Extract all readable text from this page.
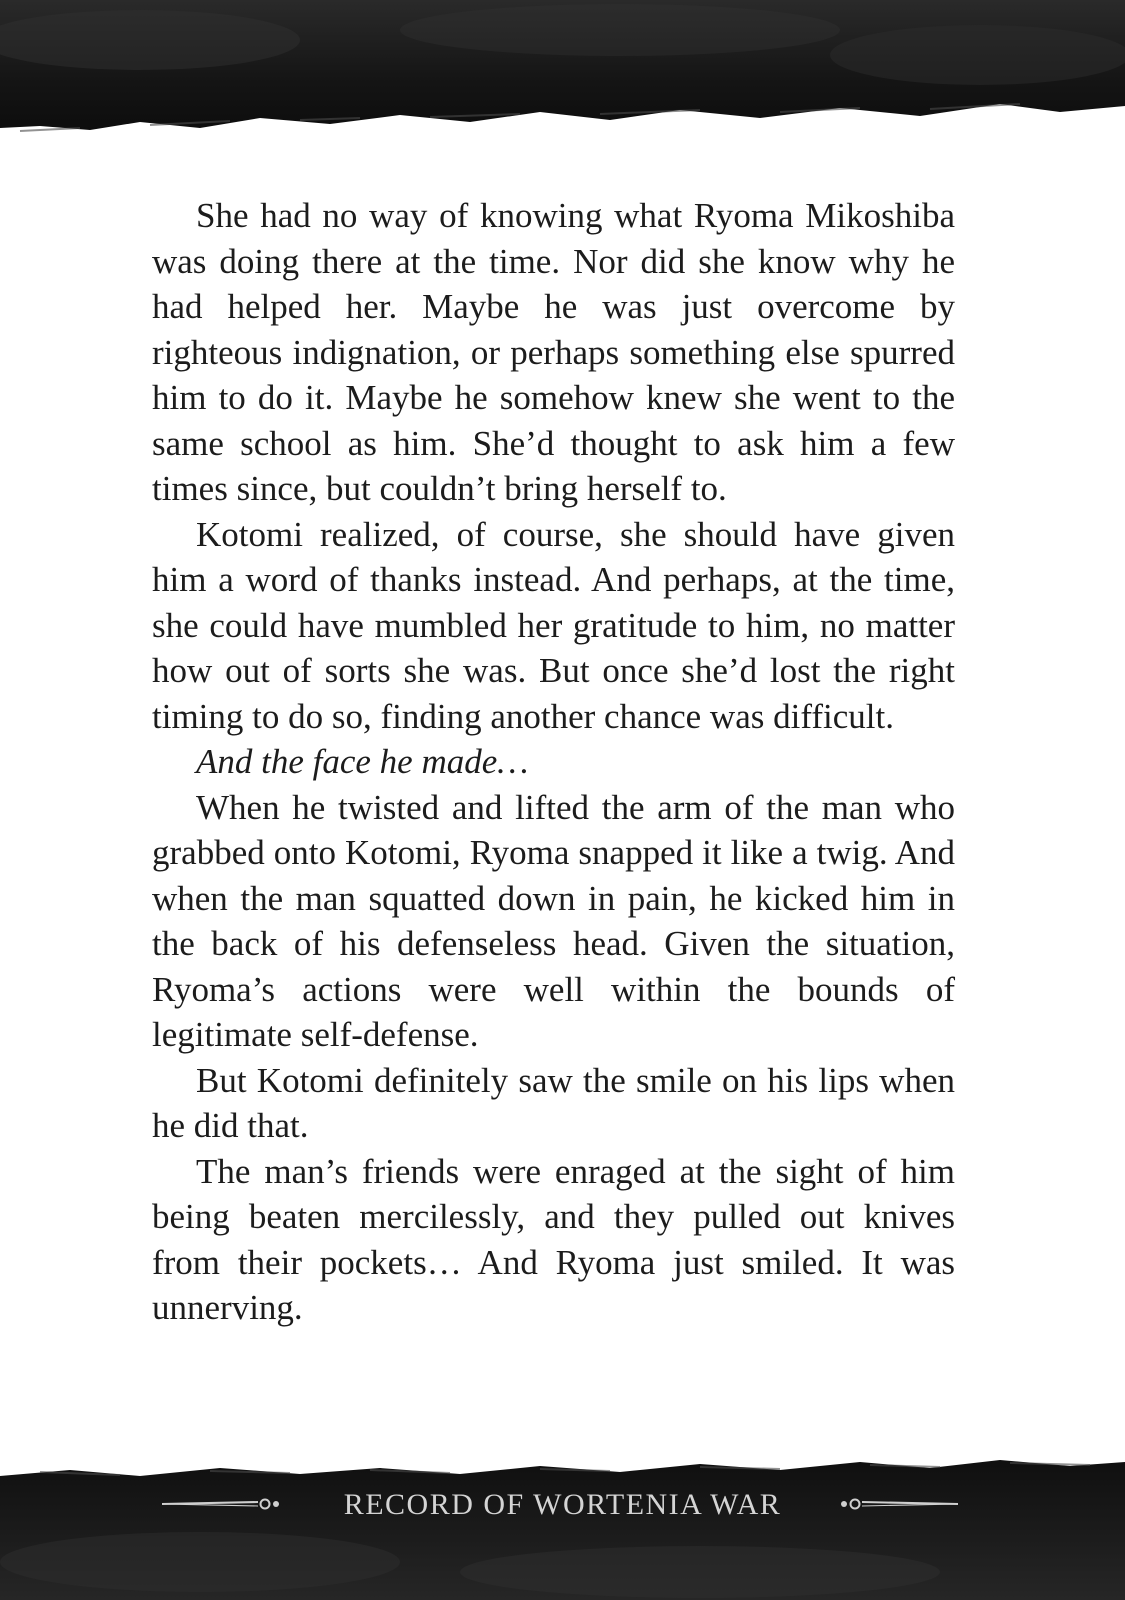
She had no way of knowing what Ryoma Mikoshiba was doing there at the time. Nor did she know why he had helped her. Maybe he was just overcome by righteous indignation, or perhaps something else spurred him to do it. Maybe he somehow knew she went to the same school as him. She’d thought to ask him a few times since, but couldn’t bring herself to.

Kotomi realized, of course, she should have given him a word of thanks instead. And perhaps, at the time, she could have mumbled her gratitude to him, no matter how out of sorts she was. But once she’d lost the right timing to do so, finding another chance was difficult.

And the face he made…

When he twisted and lifted the arm of the man who grabbed onto Kotomi, Ryoma snapped it like a twig. And when the man squatted down in pain, he kicked him in the back of his defenseless head. Given the situation, Ryoma’s actions were well within the bounds of legitimate self-defense.

But Kotomi definitely saw the smile on his lips when he did that.

The man’s friends were enraged at the sight of him being beaten mercilessly, and they pulled out knives from their pockets… And Ryoma just smiled. It was unnerving.

RECORD OF WORTENIA WAR
